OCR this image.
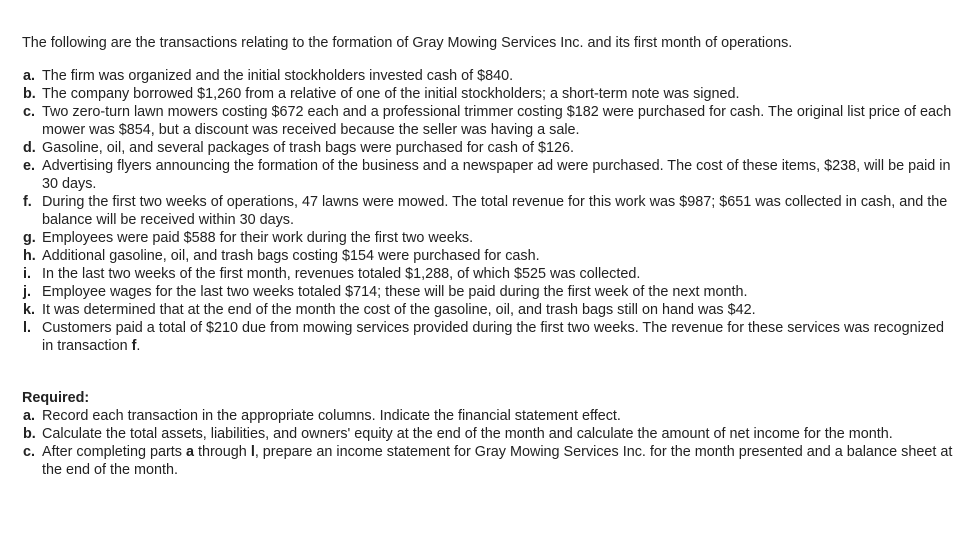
The following are the transactions relating to the formation of Gray Mowing Services Inc. and its first month of operations.

a. The firm was organized and the initial stockholders invested cash of $840.
b. The company borrowed $1,260 from a relative of one of the initial stockholders; a short-term note was signed.
c. Two zero-turn lawn mowers costing $672 each and a professional trimmer costing $182 were purchased for cash. The original list price of each mower was $854, but a discount was received because the seller was having a sale.
d. Gasoline, oil, and several packages of trash bags were purchased for cash of $126.
e. Advertising flyers announcing the formation of the business and a newspaper ad were purchased. The cost of these items, $238, will be paid in 30 days.
f. During the first two weeks of operations, 47 lawns were mowed. The total revenue for this work was $987; $651 was collected in cash, and the balance will be received within 30 days.
g. Employees were paid $588 for their work during the first two weeks.
h. Additional gasoline, oil, and trash bags costing $154 were purchased for cash.
i. In the last two weeks of the first month, revenues totaled $1,288, of which $525 was collected.
j. Employee wages for the last two weeks totaled $714; these will be paid during the first week of the next month.
k. It was determined that at the end of the month the cost of the gasoline, oil, and trash bags still on hand was $42.
l. Customers paid a total of $210 due from mowing services provided during the first two weeks. The revenue for these services was recognized in transaction f.

Required:

a. Record each transaction in the appropriate columns. Indicate the financial statement effect.
b. Calculate the total assets, liabilities, and owners' equity at the end of the month and calculate the amount of net income for the month.
c. After completing parts a through l, prepare an income statement for Gray Mowing Services Inc. for the month presented and a balance sheet at the end of the month.
